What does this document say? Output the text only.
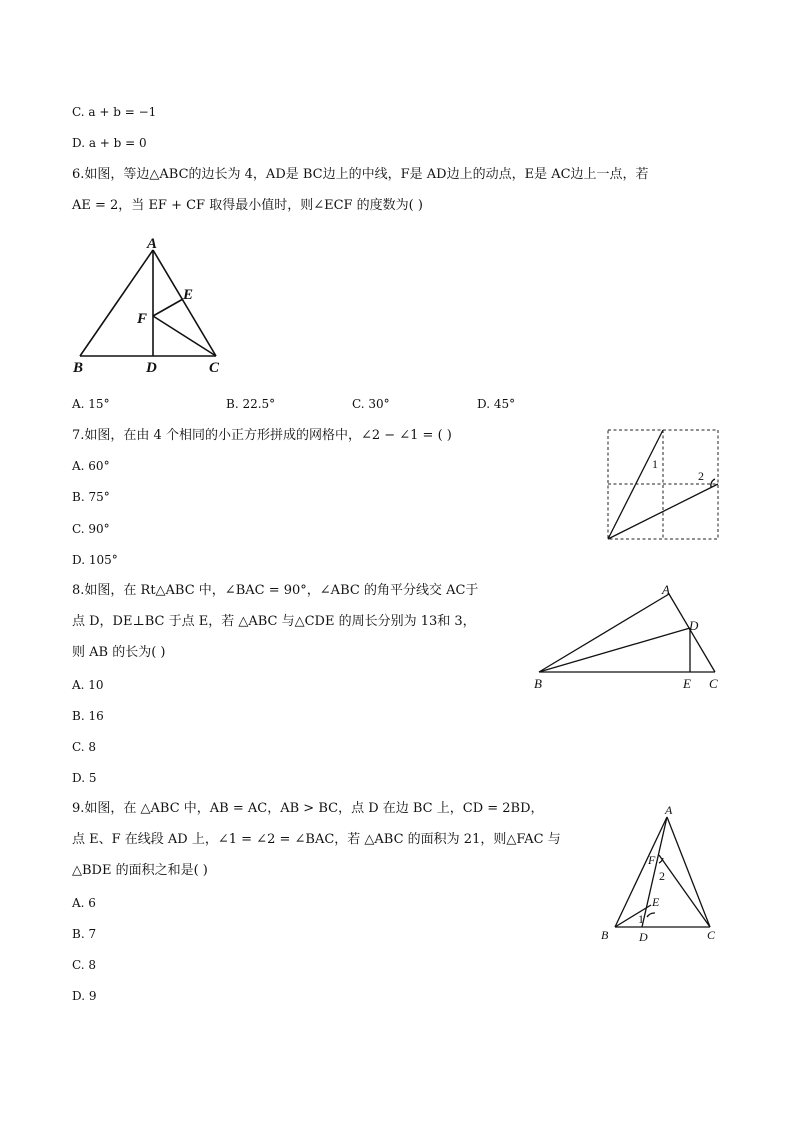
C. a + b = −1
D. a + b = 0
6.如图，等边△ABC的边长为 4，AD是 BC边上的中线，F是 AD边上的动点，E是 AC边上一点，若
AE = 2，当 EF + CF 取得最小值时，则∠ECF 的度数为( )
A
B	D	C
E
F
A. 15°	B. 22.5°	C. 30°	D. 45°
7.如图，在由 4 个相同的小正方形拼成的网格中，∠2 − ∠1 = ( )
A. 60°
B. 75°
C. 90°
D. 105°
1
2
8.如图，在 Rt△ABC 中，∠BAC = 90°，∠ABC 的角平分线交 AC于
点 D，DE⊥BC 于点 E，若 △ABC 与△CDE 的周长分别为 13和 3，
则 AB 的长为( )
A. 10
B. 16
C. 8
D. 5
A
B	C
D
E
9.如图，在 △ABC 中，AB = AC，AB > BC，点 D 在边 BC 上，CD = 2BD，
点 E、F 在线段 AD 上，∠1 = ∠2 = ∠BAC，若 △ABC 的面积为 21，则△FAC 与
△BDE 的面积之和是( )
A. 6
B. 7
C. 8
D. 9
A
B	C
D
E
F
1
2
